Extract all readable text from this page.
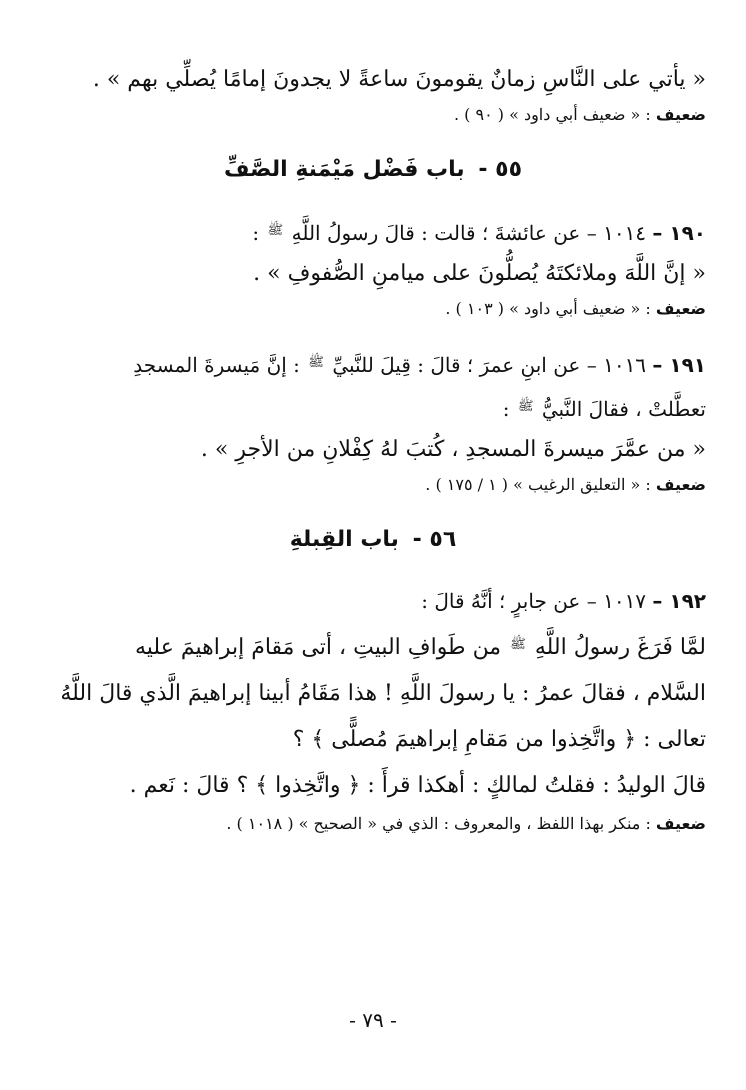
« يأتي على النَّاسِ زمانٌ يقومونَ ساعةً لا يجدونَ إمامًا يُصلِّي بهم » .
ضعيف : « ضعيف أبي داود » ( ٩٠ ) .
٥٥ - باب فَضْل مَيْمَنةِ الصَّفِّ
١٩٠ – ١٠١٤ – عن عائشةَ ؛ قالت : قالَ رسولُ اللَّهِ $^ﷺ$ :
« إنَّ اللَّهَ وملائكتَهُ يُصلُّونَ على ميامنِ الصُّفوفِ » .
ضعيف : « ضعيف أبي داود » ( ١٠٣ ) .
١٩١ – ١٠١٦ – عن ابنِ عمرَ ؛ قالَ : قِيلَ للنَّبيِّ $^ﷺ$ : إنَّ مَيسرةَ المسجدِ
تعطَّلتْ ، فقالَ النَّبيُّ $^ﷺ$ :
« من عمَّرَ ميسرةَ المسجدِ ، كُتبَ لهُ كِفْلانِ من الأجرِ » .
ضعيف : « التعليق الرغيب » ( ١ / ١٧٥ ) .
٥٦ - باب القِبلةِ
١٩٢ – ١٠١٧ – عن جابرٍ ؛ أنَّهُ قالَ :
لمَّا فَرَغَ رسولُ اللَّهِ $^ﷺ$ من طَوافِ البيتِ ، أتى مَقامَ إبراهيمَ عليه
السَّلام ، فقالَ عمرُ : يا رسولَ اللَّهِ ! هذا مَقَامُ أبينا إبراهيمَ الَّذي قالَ اللَّهُ
تعالى : ﴿ واتَّخِذوا من مَقامِ إبراهيمَ مُصلًّى ﴾ ؟
قالَ الوليدُ : فقلتُ لمالكٍ : أهكذا قرأَ : ﴿ واتَّخِذوا ﴾ ؟ قالَ : نَعم .
ضعيف : منكر بهذا اللفظ ، والمعروف : الذي في « الصحيح » ( ١٠١٨ ) .
- ٧٩ -
